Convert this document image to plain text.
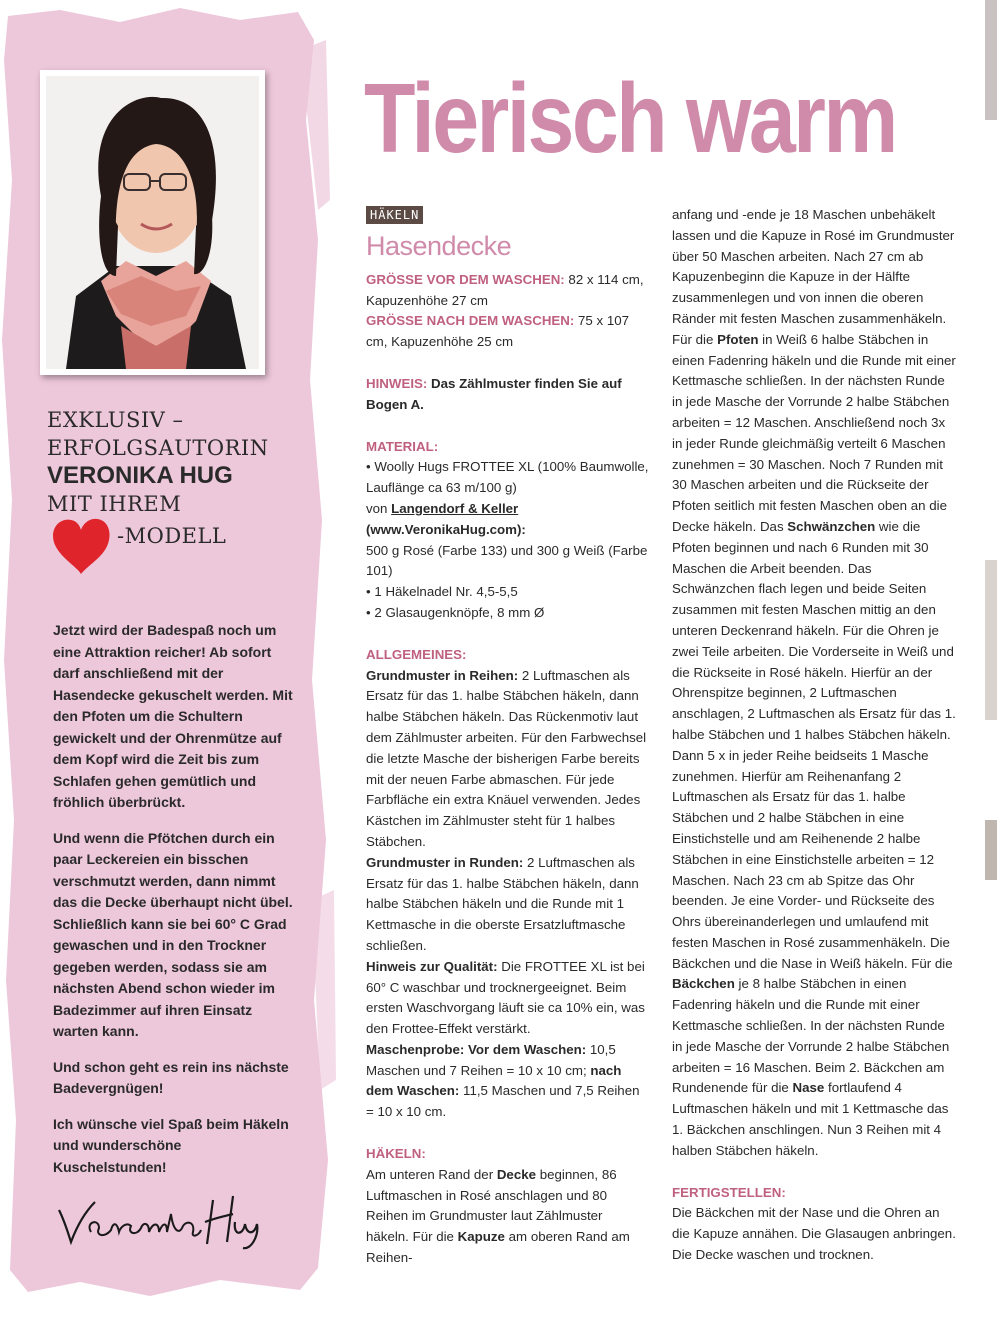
EXKLUSIV –
ERFOLGSAUTORIN
VERONIKA HUG
MIT IHREM
-MODELL

Jetzt wird der Badespaß noch um eine Attraktion reicher! Ab sofort darf anschließend mit der Hasendecke gekuschelt werden. Mit den Pfoten um die Schultern gewickelt und der Ohrenmütze auf dem Kopf wird die Zeit bis zum Schlafen gehen gemütlich und fröhlich überbrückt.

Und wenn die Pfötchen durch ein paar Leckereien ein bisschen verschmutzt werden, dann nimmt das die Decke überhaupt nicht übel. Schließlich kann sie bei 60° C Grad gewaschen und in den Trockner gegeben werden, sodass sie am nächsten Abend schon wieder im Badezimmer auf ihren Einsatz warten kann.

Und schon geht es rein ins nächste Badevergnügen!

Ich wünsche viel Spaß beim Häkeln und wunderschöne Kuschelstunden!

Tierisch warm
HÄKELN
Hasendecke

GRÖSSE VOR DEM WASCHEN: 82 x 114 cm, Kapuzenhöhe 27 cm

GRÖSSE NACH DEM WASCHEN: 75 x 107 cm, Kapuzenhöhe 25 cm

HINWEIS: Das Zählmuster finden Sie auf Bogen A.

MATERIAL:

• Woolly Hugs FROTTEE XL (100% Baumwolle, Lauflänge ca 63 m/100 g)

von Langendorf & Keller

(www.VeronikaHug.com):

500 g Rosé (Farbe 133) und 300 g Weiß (Farbe 101)

• 1 Häkelnadel Nr. 4,5-5,5

• 2 Glasaugenknöpfe, 8 mm Ø

ALLGEMEINES:

Grundmuster in Reihen: 2 Luftmaschen als Ersatz für das 1. halbe Stäbchen häkeln, dann halbe Stäbchen häkeln. Das Rückenmotiv laut dem Zählmuster arbeiten. Für den Farbwechsel die letzte Masche der bisherigen Farbe bereits mit der neuen Farbe abmaschen. Für jede Farbfläche ein extra Knäuel verwenden. Jedes Kästchen im Zählmuster steht für 1 halbes Stäbchen.

Grundmuster in Runden: 2 Luftmaschen als Ersatz für das 1. halbe Stäbchen häkeln, dann halbe Stäbchen häkeln und die Runde mit 1 Kettmasche in die oberste Ersatzluftmasche schließen.

Hinweis zur Qualität: Die FROTTEE XL ist bei 60° C waschbar und trocknergeeignet. Beim ersten Waschvorgang läuft sie ca 10% ein, was den Frottee-Effekt verstärkt.

Maschenprobe: Vor dem Waschen: 10,5 Maschen und 7 Reihen = 10 x 10 cm; nach dem Waschen: 11,5 Maschen und 7,5 Reihen = 10 x 10 cm.

HÄKELN:

Am unteren Rand der Decke beginnen, 86 Luftmaschen in Rosé anschlagen und 80 Reihen im Grundmuster laut Zählmuster häkeln. Für die Kapuze am oberen Rand am Reihen-

anfang und -ende je 18 Maschen unbehäkelt lassen und die Kapuze in Rosé im Grundmuster über 50 Maschen arbeiten. Nach 27 cm ab Kapuzenbeginn die Kapuze in der Hälfte zusammenlegen und von innen die oberen Ränder mit festen Maschen zusammenhäkeln. Für die Pfoten in Weiß 6 halbe Stäbchen in einen Fadenring häkeln und die Runde mit einer Kettmasche schließen. In der nächsten Runde in jede Masche der Vorrunde 2 halbe Stäbchen arbeiten = 12 Maschen. Anschließend noch 3x in jeder Runde gleichmäßig verteilt 6 Maschen zunehmen = 30 Maschen. Noch 7 Runden mit 30 Maschen arbeiten und die Rückseite der Pfoten seitlich mit festen Maschen oben an die Decke häkeln. Das Schwänzchen wie die Pfoten beginnen und nach 6 Runden mit 30 Maschen die Arbeit beenden. Das Schwänzchen flach legen und beide Seiten zusammen mit festen Maschen mittig an den unteren Deckenrand häkeln. Für die Ohren je zwei Teile arbeiten. Die Vorderseite in Weiß und die Rückseite in Rosé häkeln. Hierfür an der Ohrenspitze beginnen, 2 Luftmaschen anschlagen, 2 Luftmaschen als Ersatz für das 1. halbe Stäbchen und 1 halbes Stäbchen häkeln. Dann 5 x in jeder Reihe beidseits 1 Masche zunehmen. Hierfür am Reihenanfang 2 Luftmaschen als Ersatz für das 1. halbe Stäbchen und 2 halbe Stäbchen in eine Einstichstelle und am Reihenende 2 halbe Stäbchen in eine Einstichstelle arbeiten = 12 Maschen. Nach 23 cm ab Spitze das Ohr beenden. Je eine Vorder- und Rückseite des Ohrs übereinanderlegen und umlaufend mit festen Maschen in Rosé zusammenhäkeln. Die Bäckchen und die Nase in Weiß häkeln. Für die Bäckchen je 8 halbe Stäbchen in einen Fadenring häkeln und die Runde mit einer Kettmasche schließen. In der nächsten Runde in jede Masche der Vorrunde 2 halbe Stäbchen arbeiten = 16 Maschen. Beim 2. Bäckchen am Rundenende für die Nase fortlaufend 4 Luftmaschen häkeln und mit 1 Kettmasche das 1. Bäckchen anschlingen. Nun 3 Reihen mit 4 halben Stäbchen häkeln.

FERTIGSTELLEN:

Die Bäckchen mit der Nase und die Ohren an die Kapuze annähen. Die Glasaugen anbringen. Die Decke waschen und trocknen.
